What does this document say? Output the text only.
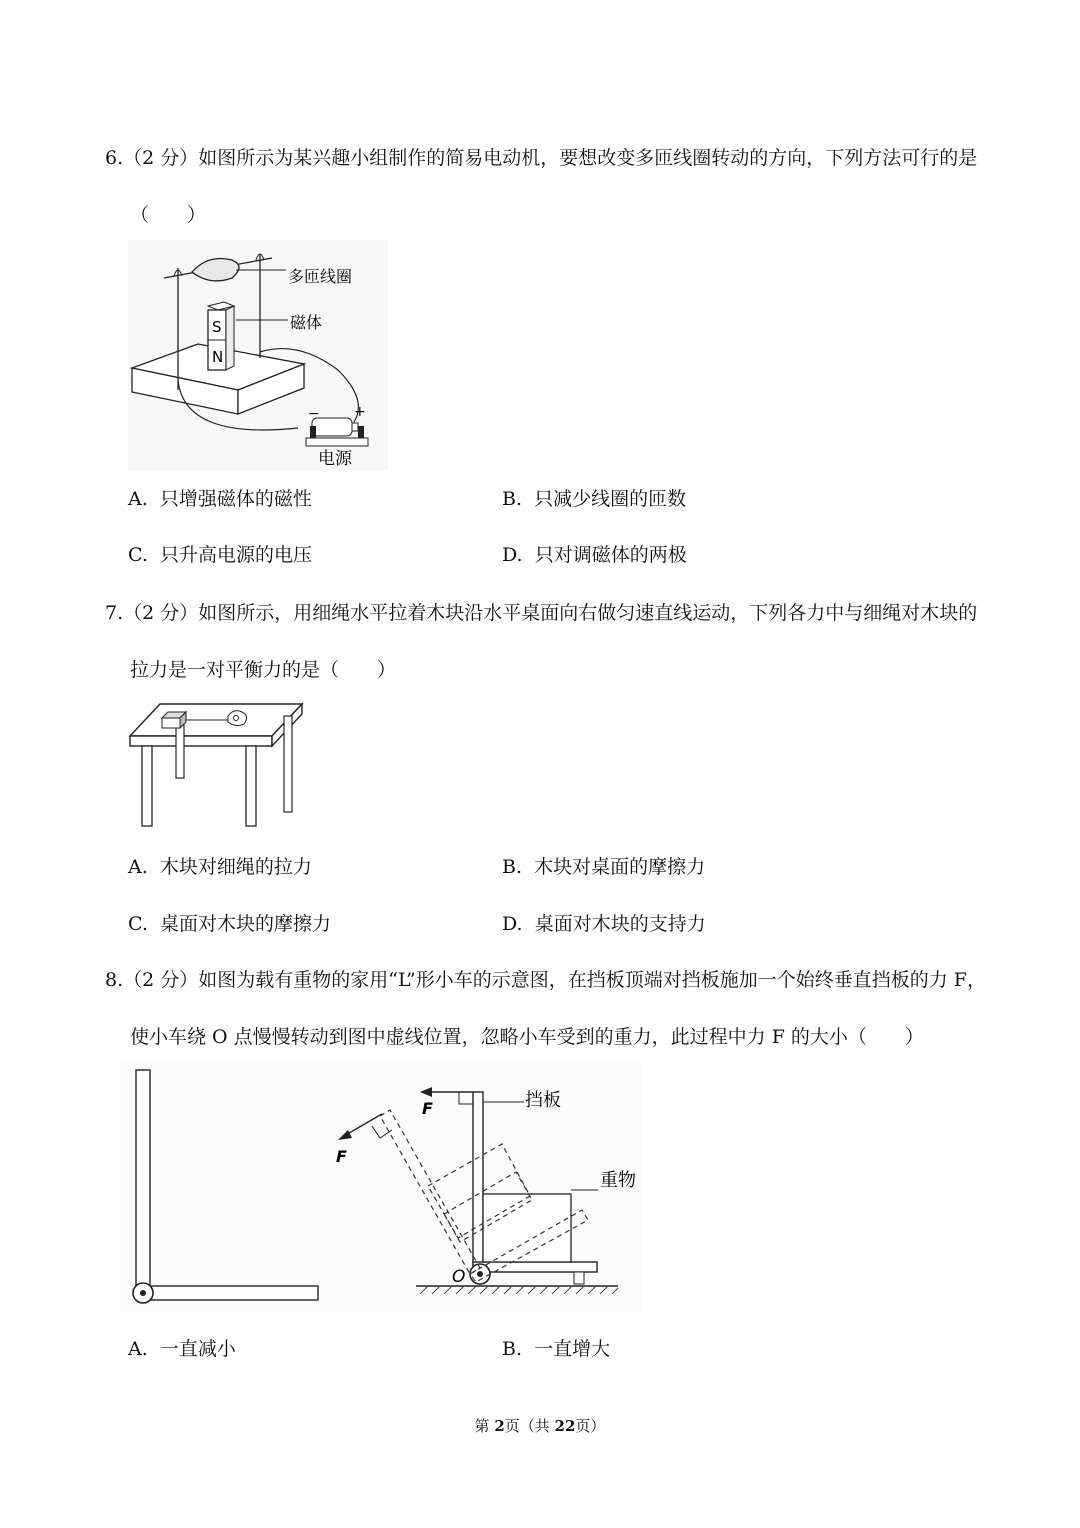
6.（2 分）如图所示为某兴趣小组制作的简易电动机，要想改变多匝线圈转动的方向，下列方法可行的是
（　　）
S
N
多匝线圈
磁体
− +
电源
A. 只增强磁体的磁性	B. 只减少线圈的匝数
C. 只升高电源的电压	D. 只对调磁体的两极
7.（2 分）如图所示，用细绳水平拉着木块沿水平桌面向右做匀速直线运动，下列各力中与细绳对木块的
拉力是一对平衡力的是（　　）
A. 木块对细绳的拉力	B. 木块对桌面的摩擦力
C. 桌面对木块的摩擦力	D. 桌面对木块的支持力
8.（2 分）如图为载有重物的家用“L”形小车的示意图，在挡板顶端对挡板施加一个始终垂直挡板的力 F，
使小车绕 O 点慢慢转动到图中虚线位置，忽略小车受到的重力，此过程中力 F 的大小（　　）
挡板
重物
F
F
O
A. 一直减小	B. 一直增大
第 2页（共 22页）
